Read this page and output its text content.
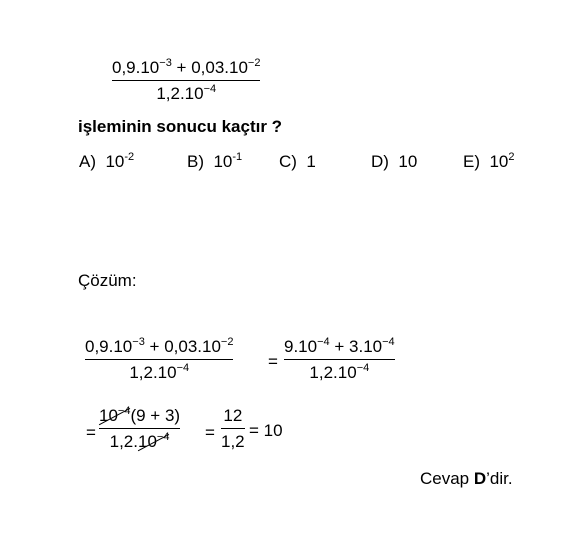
$0,9.10^{-3} + 0,03.10^{-2}$
$1,2.10^{-4}$
işleminin sonucu kaçtır ?
A) $10^{-2}$	B) $10^{-1}$ C) 1	D) 10	E) $10^2$
Çözüm:
$0,9.10^{-3} + 0,03.10^{-2}$
$1,2.10^{-4}$	=
$9.10^{-4} + 3.10^{-4}$
$1,2.10^{-4}$
=
$10^{-4}(9 + 3)$
$1,2.10^{-4}$ =
12
1,2
= 10
Cevap D’dir.
